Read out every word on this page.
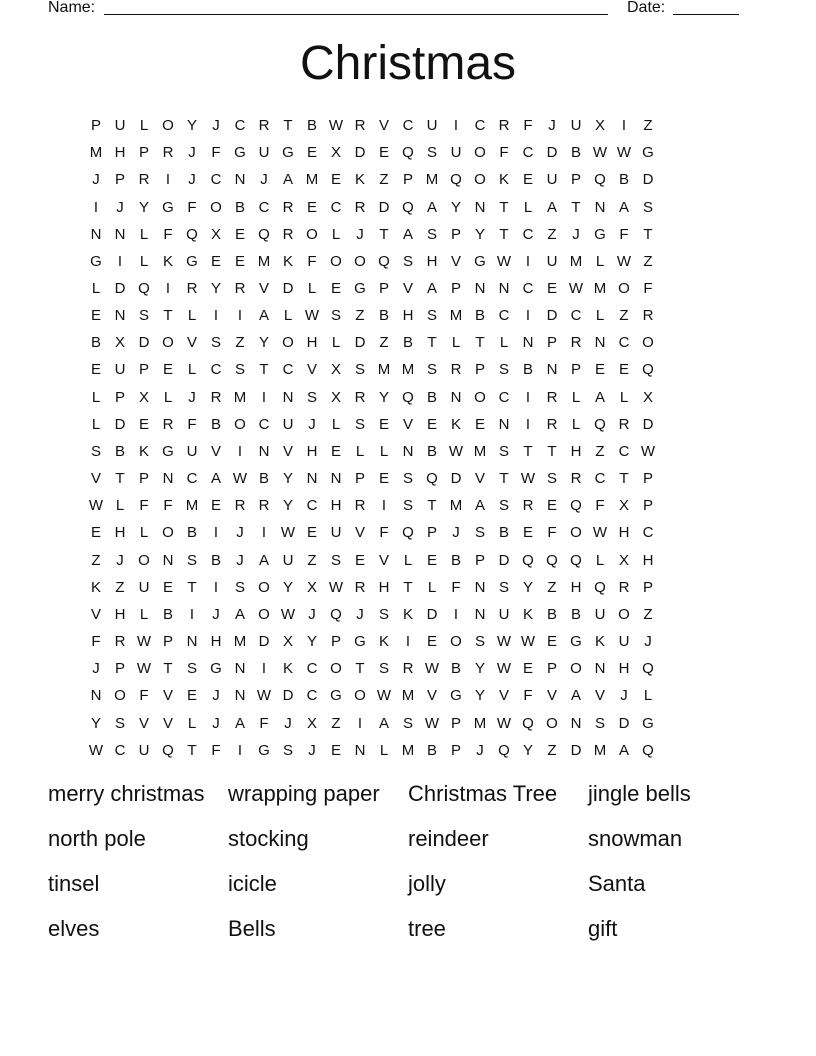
Name:	Date:
Christmas
P U L O Y	J C R T B W R V C U	I	C R F	J U X	I	Z
M H P R J	F G U G E X D E Q S U O F C D B W W G
J	P R	I	J C N J	A M E K Z P M Q O K E U P Q B D
I	J	Y G F O B C R E C R D Q A Y N T	L A T N A S
N N L	F Q X E Q R O L	J	T A S P Y T C Z	J G F T
G	I	L K G E E M K F O O Q S H V G W I	U M L W Z
L D Q	I	R Y R V D L E G P V A P N N C E W M O F
E N S T	L	I	I	A L W S Z B H S M B C	I	D C L	Z R
B X D O V S Z Y O H L D Z B T	L	T	L N P R N C O
E U P E L C S T C V X S M M S R P S B N P E E Q
L P X L	J R M	I	N S X R Y Q B N O C	I	R L A L X
L D E R F B O C U J	L S E V E K E N	I	R L Q R D
S B K G U V	I	N V H E L	L N B W M S T T H Z C W
V T P N C A W B Y N N P E S Q D V T W S R C T P
W L	F F M E R R Y C H R	I	S T M A S R E Q F X P
E H L O B	I	J	I W E U V F Q P	J	S B E F O W H C
Z	J O N S B	J	A U Z S E V L E B P D Q Q Q L X H
K Z U E T	I	S O Y X W R H T	L	F N S Y Z H Q R P
V H L B	I	J	A O W J Q J	S K D	I	N U K B B U O Z
F R W P N H M D X Y P G K	I	E O S W W E G K U J
J	P W T S G N	I	K C O T S R W B Y W E P O N H Q
N O F V E	J N W D C G O W M V G Y V F V A V	J	L
Y S V V L	J	A F	J	X Z	I	A S W P M W Q O N S D G
W C U Q T F	I	G S	J	E N L M B P	J Q Y Z D M A Q
merry christmas	wrapping paper	Christmas Tree	jingle bells
north pole	stocking	reindeer	snowman
tinsel	icicle	jolly	Santa
elves	Bells	tree	gift
